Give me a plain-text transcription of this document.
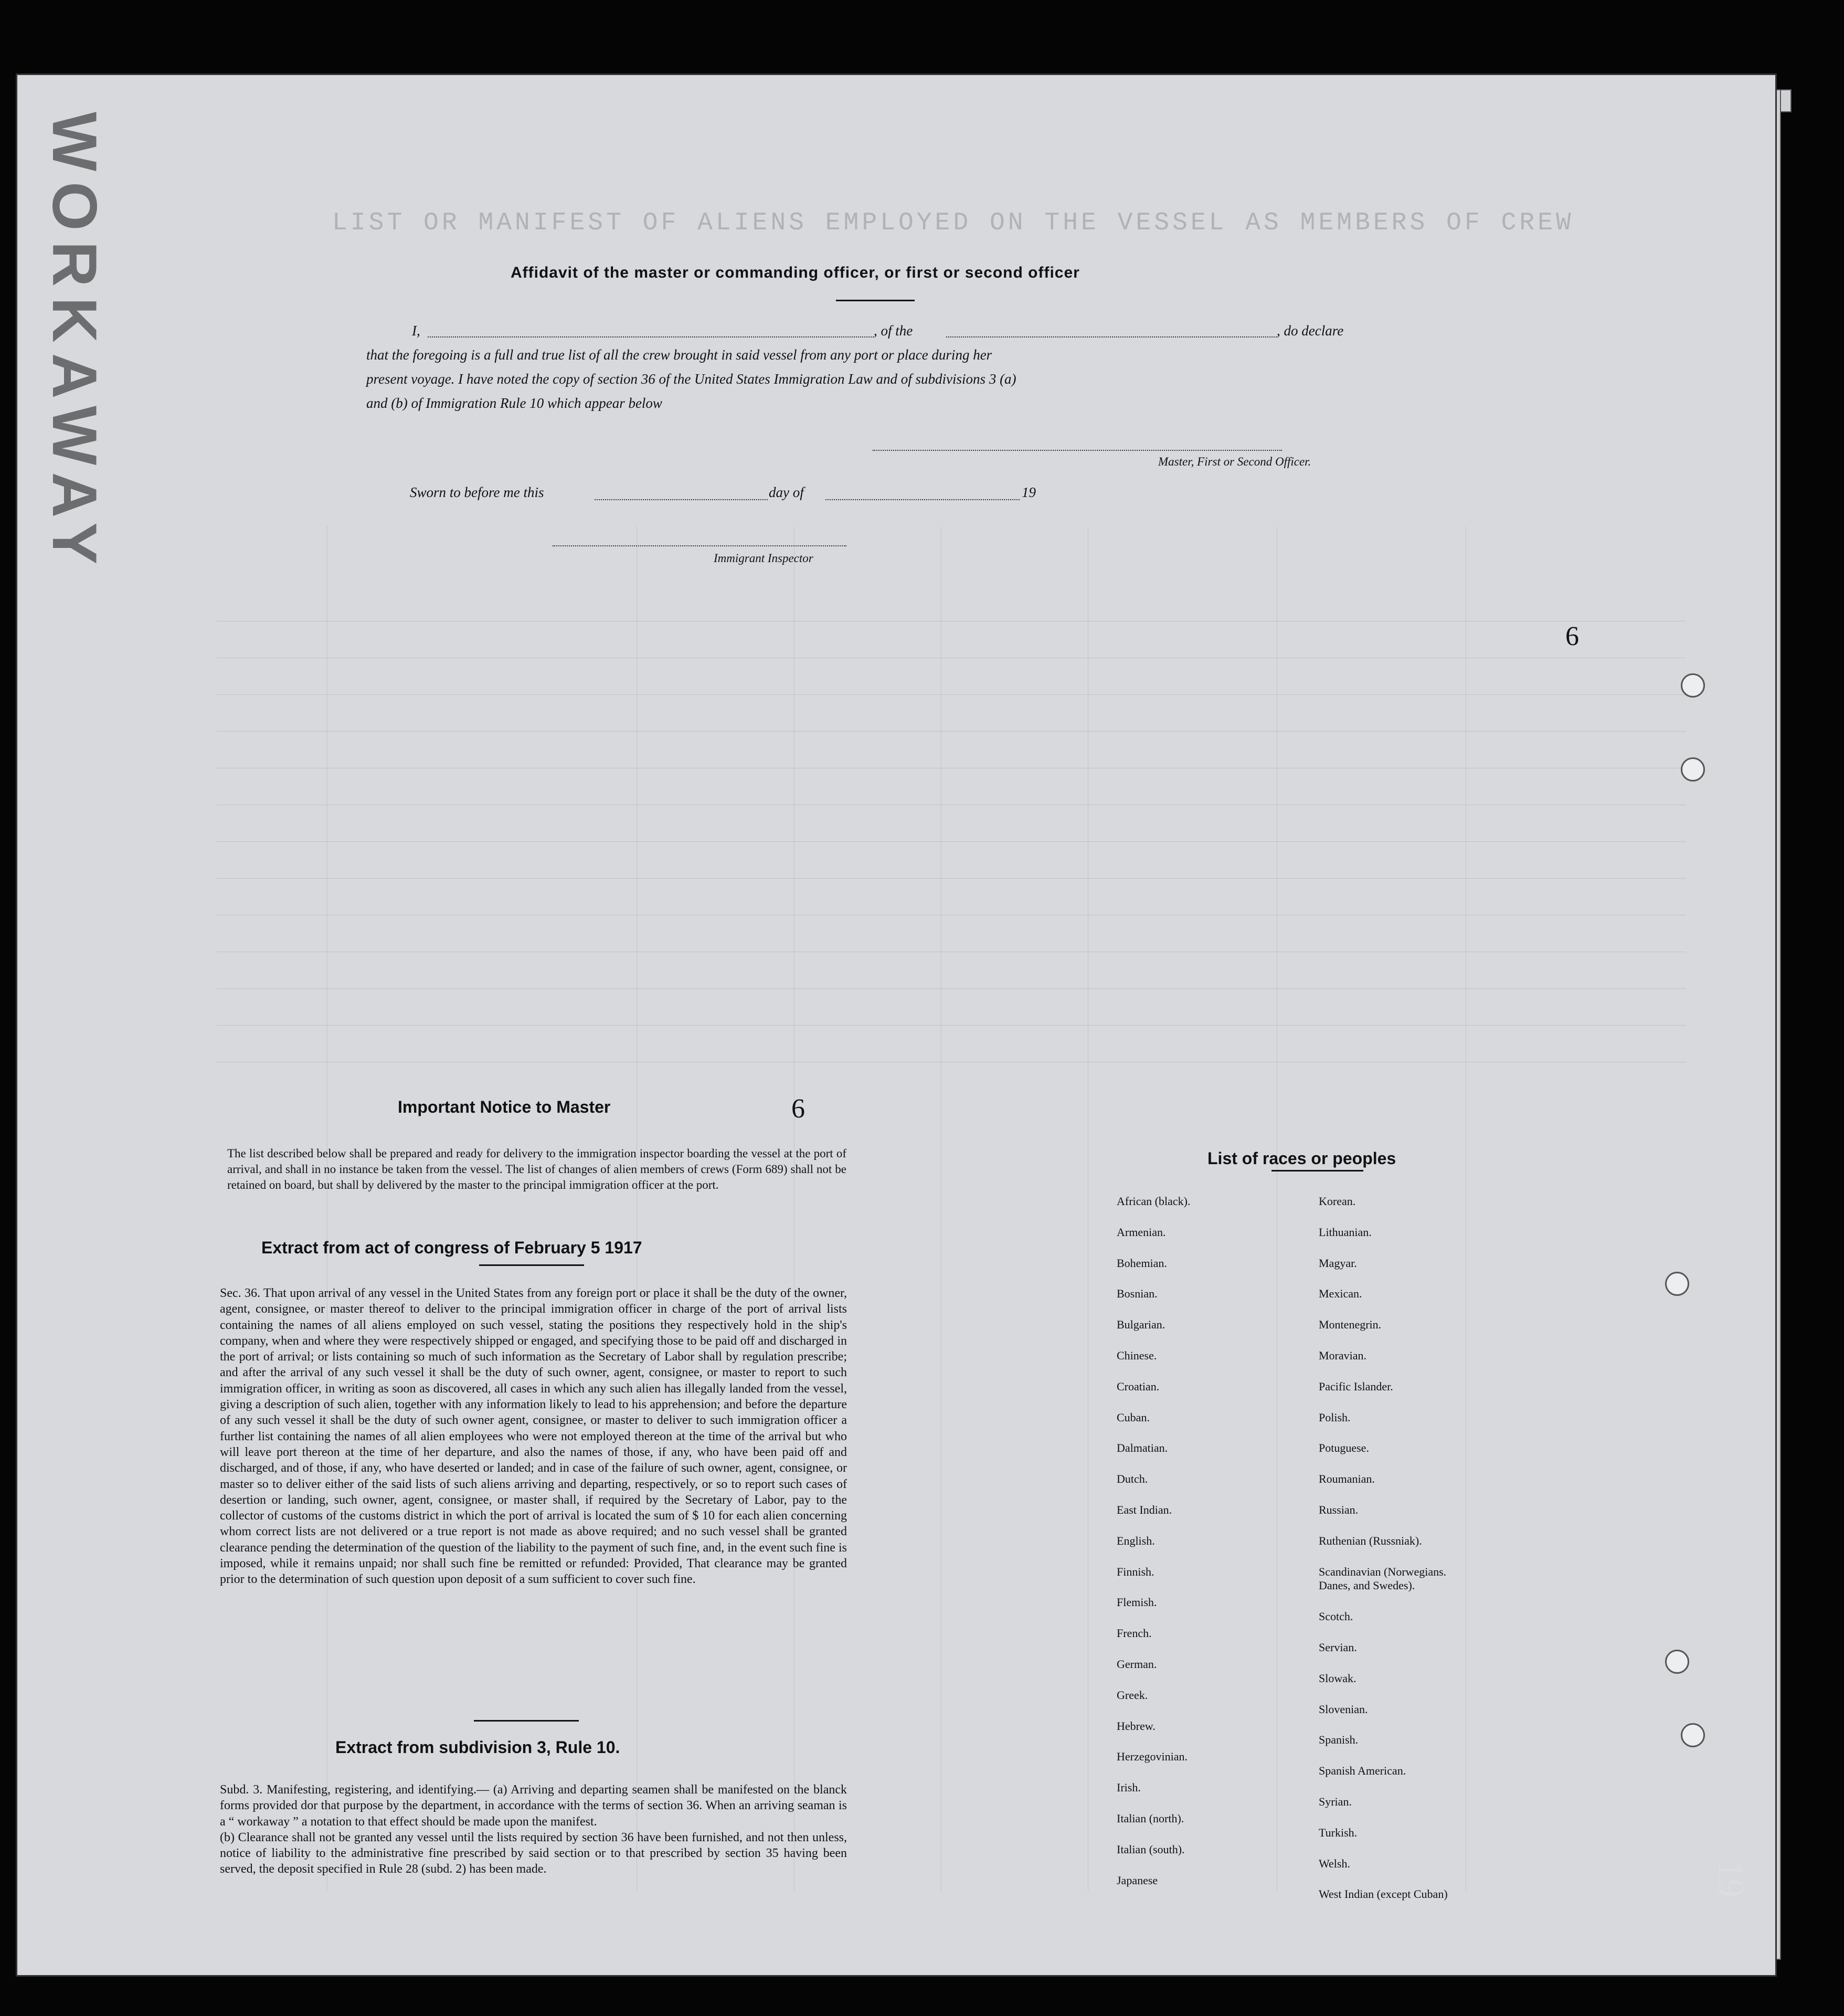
LIST OR MANIFEST OF ALIENS EMPLOYED ON THE VESSEL AS MEMBERS OF CREW
WORKAWAY	Affidavit of the master or commanding officer, or first or second officer
I,	, of the	, do declare
that the foregoing is a full and true list of all the crew brought in said vessel from any port or place during her
present voyage. I have noted the copy of section 36 of the United States Immigration Law and of subdivisions 3 (a)
and (b) of Immigration Rule 10 which appear below
Master, First or Second Officer.
Sworn to before me this	day of	19
Immigrant Inspector
Important Notice to Master

The list described below shall be prepared and ready for delivery to the immigration inspector boarding the vessel at the port of arrival, and shall in no instance be taken from the vessel. The list of changes of alien members of crews (Form 689) shall not be retained on board, but shall by delivered by the master to the principal immigration officer at the port.

Extract from act of congress of February 5 1917

Sec. 36. That upon arrival of any vessel in the United States from any foreign port or place it shall be the duty of the owner, agent, consignee, or master thereof to deliver to the principal immigration officer in charge of the port of arrival lists containing the names of all aliens employed on such vessel, stating the positions they respectively hold in the ship's company, when and where they were respectively shipped or engaged, and specifying those to be paid off and discharged in the port of arrival; or lists containing so much of such information as the Secretary of Labor shall by regulation prescribe; and after the arrival of any such vessel it shall be the duty of such owner, agent, consignee, or master to report to such immigration officer, in writing as soon as discovered, all cases in which any such alien has illegally landed from the vessel, giving a description of such alien, together with any information likely to lead to his apprehension; and before the departure of any such vessel it shall be the duty of such owner agent, consignee, or master to deliver to such immigration officer a further list containing the names of all alien employees who were not employed thereon at the time of the arrival but who will leave port thereon at the time of her departure, and also the names of those, if any, who have been paid off and discharged, and of those, if any, who have deserted or landed; and in case of the failure of such owner, agent, consignee, or master so to deliver either of the said lists of such aliens arriving and departing, respectively, or so to report such cases of desertion or landing, such owner, agent, consignee, or master shall, if required by the Secretary of Labor, pay to the collector of customs of the customs district in which the port of arrival is located the sum of $ 10 for each alien concerning whom correct lists are not delivered or a true report is not made as above required; and no such vessel shall be granted clearance pending the determination of the question of the liability to the payment of such fine, and, in the event such fine is imposed, while it remains unpaid; nor shall such fine be remitted or refunded: Provided, That clearance may be granted prior to the determination of such question upon deposit of a sum sufficient to cover such fine.

Extract from subdivision 3, Rule 10.

Subd. 3. Manifesting, registering, and identifying.— (a) Arriving and departing seamen shall be manifested on the blanck forms provided dor that purpose by the department, in accordance with the terms of section 36. When an arriving seaman is a “ workaway ” a notation to that effect should be made upon the manifest.

(b) Clearance shall not be granted any vessel until the lists required by section 36 have been furnished, and not then unless, notice of liability to the administrative fine prescribed by said section or to that prescribed by section 35 having been served, the deposit specified in Rule 28 (subd. 2) has been made.

List of races or peoples
African (black).
Armenian.
Bohemian.
Bosnian.
Bulgarian.
Chinese.
Croatian.
Cuban.
Dalmatian.
Dutch.
East Indian.
English.
Finnish.
Flemish.
French.
German.
Greek.
Hebrew.
Herzegovinian.
Irish.
Italian (north).
Italian (south).
Japanese
Korean.
Lithuanian.
Magyar.
Mexican.
Montenegrin.
Moravian.
Pacific Islander.
Polish.
Potuguese.
Roumanian.
Russian.
Ruthenian (Russniak).
Scandinavian (Norwegians.
Danes, and Swedes).
Scotch.
Servian.
Slowak.
Slovenian.
Spanish.
Spanish American.
Syrian.
Turkish.
Welsh.
West Indian (except Cuban)
6
6
19
